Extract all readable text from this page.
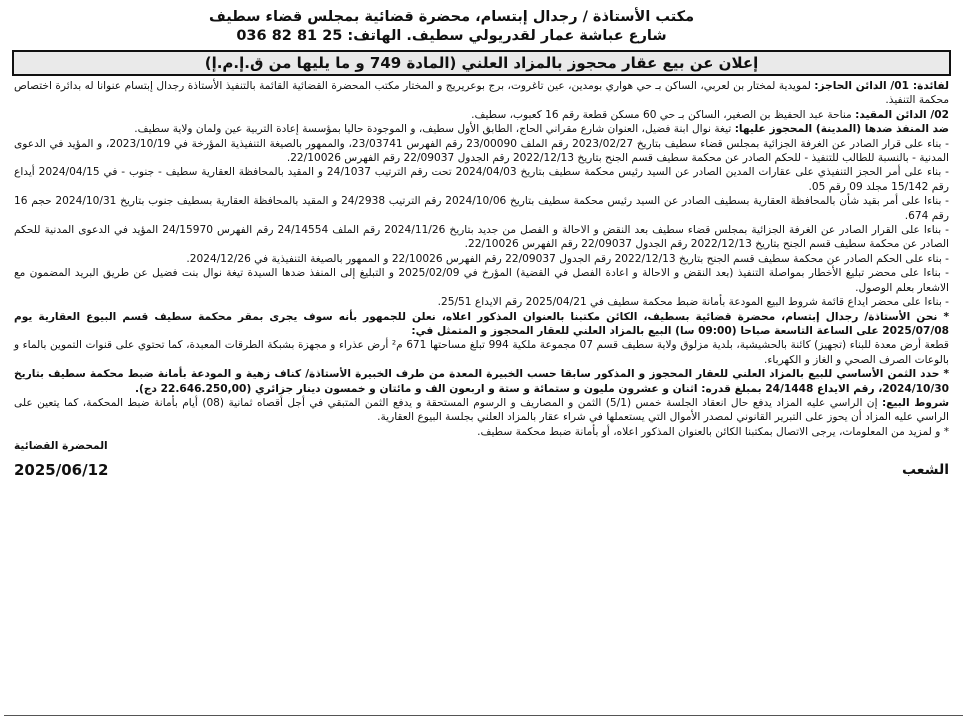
مكتب الأستاذة / رجدال إبتسام، محضرة قضائية بمجلس قضاء سطيف
شارع عباشة عمار لقدريولي سطيف. الهاتف: 25 81 82 036
إعلان عن بيع عقار محجوز بالمزاد العلني (المادة 749 و ما يليها من ق.إ.م.إ)

لفائدة: 01/ الدائن الحاجز: لمويدية لمختار بن لعربي، الساكن بـ حي هواري بومدين، عين تاغروت، برج بوعريريج و المختار مكتب المحضرة القضائية القائمة بالتنفيذ الأستاذة رجدال إبتسام عنوانا له بدائرة اختصاص محكمة التنفيذ.

02/ الدائن المقيد: مناحة عبد الحفيظ بن الصغير، الساكن بـ حي 60 مسكن قطعة رقم 16 كعبوب، سطيف.

ضد المنفذ ضدها (المدينة) المحجوز عليها: تيغة نوال ابنة فضيل، العنوان شارع مقراني الحاج، الطابق الأول سطيف، و الموجودة حاليا بمؤسسة إعادة التربية عين ولمان ولاية سطيف.

- بناء على قرار الصادر عن الغرفة الجزائية بمجلس قضاء سطيف بتاريخ 2023/02/27 رقم الملف 23/00090 رقم الفهرس 23/03741، والممهور بالصيغة التنفيذية المؤرخة في 2023/10/19، و المؤيد في الدعوى المدنية - بالنسبة للطالب للتنفيذ - للحكم الصادر عن محكمة سطيف قسم الجنح بتاريخ 2022/12/13 رقم الجدول 22/09037 رقم الفهرس 22/10026.

- بناء على أمر الحجز التنفيذي على عقارات المدين الصادر عن السيد رئيس محكمة سطيف بتاريخ 2024/04/03 تحت رقم الترتيب 24/1037 و المقيد بالمحافظة العقارية سطيف - جنوب - في 2024/04/15 أيداع رقم 15/142 مجلد 09 رقم 05.

- بناءا على أمر بقيد شأن بالمحافظة العقارية بسطيف الصادر عن السيد رئيس محكمة سطيف بتاريخ 2024/10/06 رقم الترتيب 24/2938 و المقيد بالمحافظة العقارية بسطيف جنوب بتاريخ 2024/10/31 حجم 16 رقم 674.

- بناءا على القرار الصادر عن الغرفة الجزائية بمجلس قضاء سطيف بعد النقض و الاحالة و الفصل من جديد بتاريخ 2024/11/26 رقم الملف 24/14554 رقم الفهرس 24/15970 المؤيد في الدعوى المدنية للحكم الصادر عن محكمة سطيف قسم الجنح بتاريخ 2022/12/13 رقم الجدول 22/09037 رقم الفهرس 22/10026.

- بناء على الحكم الصادر عن محكمة سطيف قسم الجنح بتاريخ 2022/12/13 رقم الجدول 22/09037 رقم الفهرس 22/10026 و الممهور بالصيغة التنفيذية في 2024/12/26.

- بناءا على محضر تبليغ الأخطار بمواصلة التنفيذ (بعد النقض و الاحالة و اعادة الفصل في القضية) المؤرخ في 2025/02/09 و التبليغ إلى المنفذ ضدها السيدة تيغة نوال بنت فضيل عن طريق البريد المضمون مع الاشعار بعلم الوصول.

- بناءا على محضر ايداع قائمة شروط البيع المودعة بأمانة ضبط محكمة سطيف في 2025/04/21 رقم الايداع 25/51.

* نحن الأستاذة/ رجدال إبتسام، محضرة قضائية بسطيف، الكائن مكتبنا بالعنوان المذكور اعلاه، نعلن للجمهور بأنه سوف يجرى بمقر محكمة سطيف قسم البيوع العقارية يوم 2025/07/08 على الساعة التاسعة صباحا (09:00 سا) البيع بالمزاد العلني للعقار المحجوز و المتمثل في:

قطعة أرض معدة للبناء (تجهيز) كائنة بالحشيشية، بلدية مزلوق ولاية سطيف قسم 07 مجموعة ملكية 994 تبلغ مساحتها 671 م² أرض عذراء و مجهزة بشبكة الطرقات المعبدة، كما تحتوي على قنوات التموين بالماء و بالوعات الصرف الصحي و الغاز و الكهرباء.

* حدد الثمن الأساسي للبيع بالمزاد العلني للعقار المحجوز و المذكور سابقا حسب الخبيرة المعدة من طرف الخبيرة الأستاذة/ كناف زهية و المودعة بأمانة ضبط محكمة سطيف بتاريخ 2024/10/30، رقم الايداع 24/1448 بمبلغ قدره: اثنان و عشرون مليون و ستمائة و ستة و اربعون الف و مائتان و خمسون دينار جزائري (22.646.250,00 دج).

شروط البيع: إن الراسي عليه المزاد يدفع حال انعقاد الجلسة خمس (5/1) الثمن و المصاريف و الرسوم المستحقة و يدفع الثمن المتبقي في أجل أقصاه ثمانية (08) أيام بأمانة ضبط المحكمة، كما يتعين على الراسي عليه المزاد أن يحوز على التبرير القانوني لمصدر الأموال التي يستعملها في شراء عقار بالمزاد العلني بجلسة البيوع العقارية.

* و لمزيد من المعلومات، يرجى الاتصال بمكتبنا الكائن بالعنوان المذكور اعلاه، أو بأمانة ضبط محكمة سطيف.
المحضرة القضائية
الشعب
2025/06/12
